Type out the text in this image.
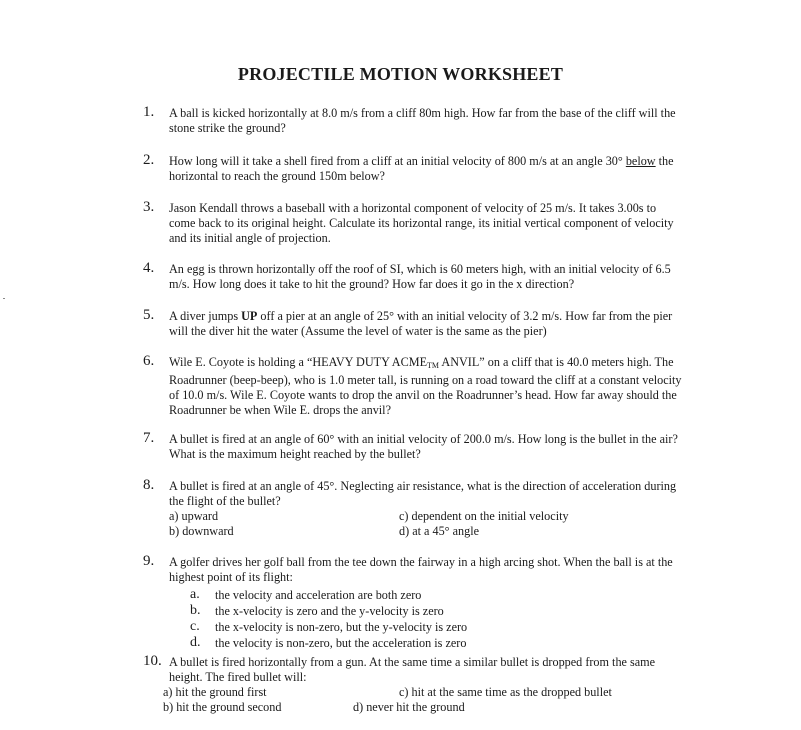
PROJECTILE MOTION WORKSHEET
1. A ball is kicked horizontally at 8.0 m/s from a cliff 80m high. How far from the base of the cliff will the stone strike the ground?

2. How long will it take a shell fired from a cliff at an initial velocity of 800 m/s at an angle 30° below the horizontal to reach the ground 150m below?

3. Jason Kendall throws a baseball with a horizontal component of velocity of 25 m/s. It takes 3.00s to come back to its original height. Calculate its horizontal range, its initial vertical component of velocity and its initial angle of projection.

4. An egg is thrown horizontally off the roof of SI, which is 60 meters high, with an initial velocity of 6.5 m/s. How long does it take to hit the ground? How far does it go in the x direction?

5. A diver jumps UP off a pier at an angle of 25° with an initial velocity of 3.2 m/s. How far from the pier will the diver hit the water (Assume the level of water is the same as the pier)

6. Wile E. Coyote is holding a “HEAVY DUTY $ACME_{TM}$ ANVIL” on a cliff that is 40.0 meters high. The Roadrunner (beep-beep), who is 1.0 meter tall, is running on a road toward the cliff at a constant velocity of 10.0 m/s. Wile E. Coyote wants to drop the anvil on the Roadrunner’s head. How far away should the Roadrunner be when Wile E. drops the anvil?

7. A bullet is fired at an angle of 60° with an initial velocity of 200.0 m/s. How long is the bullet in the air? What is the maximum height reached by the bullet?

8. A bullet is fired at an angle of 45°. Neglecting air resistance, what is the direction of acceleration during the flight of the bullet?

a) upward
b) downward
c) dependent on the initial velocity
d) at a 45° angle
9. A golfer drives her golf ball from the tee down the fairway in a high arcing shot. When the ball is at the highest point of its flight:

a. the velocity and acceleration are both zero
b. the x-velocity is zero and the y-velocity is zero
c. the x-velocity is non-zero, but the y-velocity is zero
d. the velocity is non-zero, but the acceleration is zero
10. A bullet is fired horizontally from a gun. At the same time a similar bullet is dropped from the same height. The fired bullet will:

a) hit the ground first
b) hit the ground second
c) hit at the same time as the dropped bullet
d) never hit the ground
